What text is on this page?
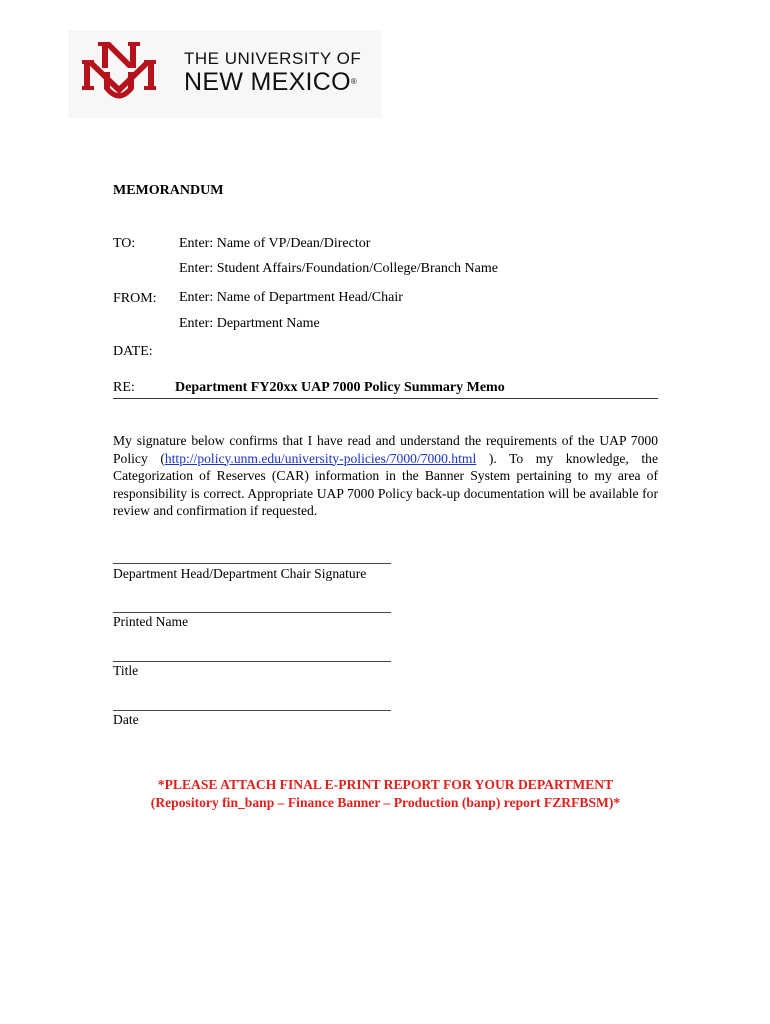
THE UNIVERSITY OF
NEW MEXICO®
MEMORANDUM
TO:	Enter: Name of VP/Dean/Director
Enter: Student Affairs/Foundation/College/Branch Name
FROM: Enter: Name of Department Head/Chair
Enter: Department Name
DATE:
RE:	Department FY20xx UAP 7000 Policy Summary Memo
My signature below confirms that I have read and understand the requirements of the UAP 7000 Policy (http://policy.unm.edu/university-policies/7000/7000.html ). To my knowledge, the Categorization of Reserves (CAR) information in the Banner System pertaining to my area of responsibility is correct. Appropriate UAP 7000 Policy back-up documentation will be available for review and confirmation if requested.
Department Head/Department Chair Signature
Printed Name
Title
Date
*PLEASE ATTACH FINAL E-PRINT REPORT FOR YOUR DEPARTMENT
(Repository fin_banp – Finance Banner – Production (banp) report FZRFBSM)*
